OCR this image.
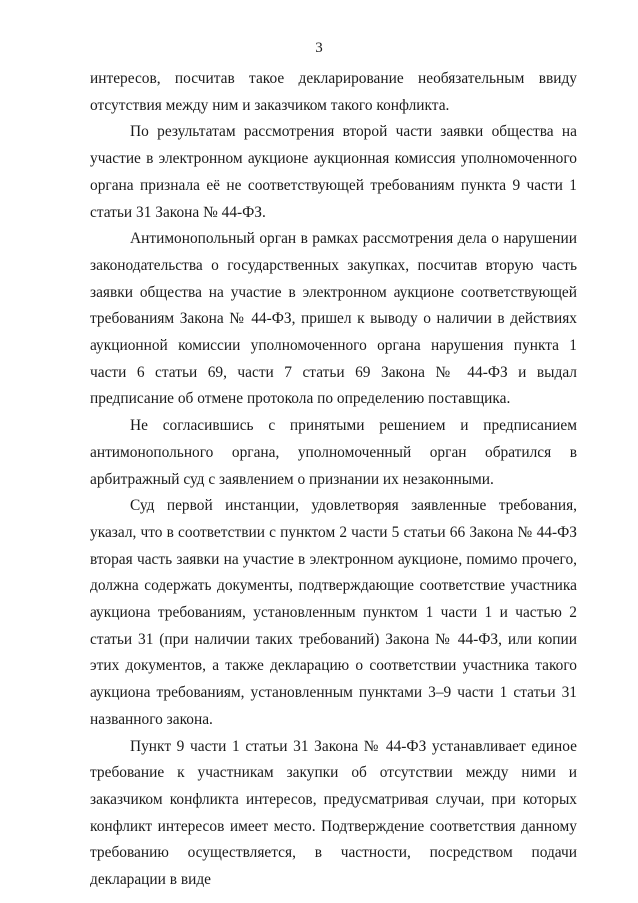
3

интересов, посчитав такое декларирование необязательным ввиду отсутствия между ним и заказчиком такого конфликта.

По результатам рассмотрения второй части заявки общества на участие в электронном аукционе аукционная комиссия уполномоченного органа признала её не соответствующей требованиям пункта 9 части 1 статьи 31 Закона № 44-ФЗ.

Антимонопольный орган в рамках рассмотрения дела о нарушении законодательства о государственных закупках, посчитав вторую часть заявки общества на участие в электронном аукционе соответствующей требованиям Закона № 44-ФЗ, пришел к выводу о наличии в действиях аукционной комиссии уполномоченного органа нарушения пункта 1 части 6 статьи 69, части 7 статьи 69 Закона № 44-ФЗ и выдал предписание об отмене протокола по определению поставщика.

Не согласившись с принятыми решением и предписанием антимонопольного органа, уполномоченный орган обратился в арбитражный суд с заявлением о признании их незаконными.

Суд первой инстанции, удовлетворяя заявленные требования, указал, что в соответствии с пунктом 2 части 5 статьи 66 Закона № 44-ФЗ вторая часть заявки на участие в электронном аукционе, помимо прочего, должна содержать документы, подтверждающие соответствие участника аукциона требованиям, установленным пунктом 1 части 1 и частью 2 статьи 31 (при наличии таких требований) Закона № 44-ФЗ, или копии этих документов, а также декларацию о соответствии участника такого аукциона требованиям, установленным пунктами 3–9 части 1 статьи 31 названного закона.

Пункт 9 части 1 статьи 31 Закона № 44-ФЗ устанавливает единое требование к участникам закупки об отсутствии между ними и заказчиком конфликта интересов, предусматривая случаи, при которых конфликт интересов имеет место. Подтверждение соответствия данному требованию осуществляется, в частности, посредством подачи декларации в виде
